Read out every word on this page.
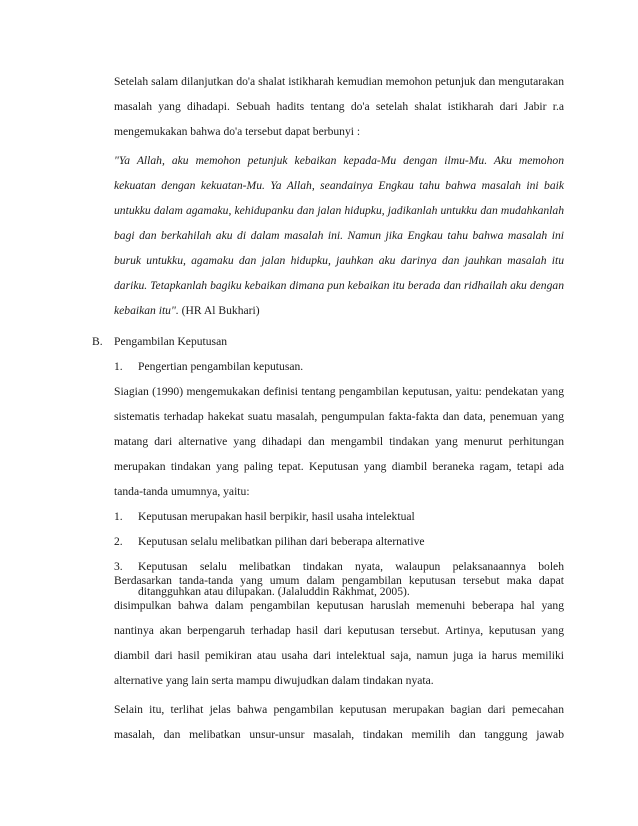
Setelah salam dilanjutkan do'a shalat istikharah kemudian memohon petunjuk dan mengutarakan masalah yang dihadapi. Sebuah hadits tentang do'a setelah shalat istikharah dari Jabir r.a mengemukakan bahwa do'a tersebut dapat berbunyi :

"Ya Allah, aku memohon petunjuk kebaikan kepada-Mu dengan ilmu-Mu. Aku memohon kekuatan dengan kekuatan-Mu. Ya Allah, seandainya Engkau tahu bahwa masalah ini baik untukku dalam agamaku, kehidupanku dan jalan hidupku, jadikanlah untukku dan mudahkanlah bagi dan berkahilah aku di dalam masalah ini. Namun jika Engkau tahu bahwa masalah ini buruk untukku, agamaku dan jalan hidupku, jauhkan aku darinya dan jauhkan masalah itu dariku. Tetapkanlah bagiku kebaikan dimana pun kebaikan itu berada dan ridhailah aku dengan kebaikan itu". (HR Al Bukhari)

B. Pengambilan Keputusan
1. Pengertian pengambilan keputusan.

Siagian (1990) mengemukakan definisi tentang pengambilan keputusan, yaitu: pendekatan yang sistematis terhadap hakekat suatu masalah, pengumpulan fakta-fakta dan data, penemuan yang matang dari alternative yang dihadapi dan mengambil tindakan yang menurut perhitungan merupakan tindakan yang paling tepat. Keputusan yang diambil beraneka ragam, tetapi ada tanda-tanda umumnya, yaitu:

1. Keputusan merupakan hasil berpikir, hasil usaha intelektual
2. Keputusan selalu melibatkan pilihan dari beberapa alternative
3. Keputusan selalu melibatkan tindakan nyata, walaupun pelaksanaannya boleh ditangguhkan atau dilupakan. (Jalaluddin Rakhmat, 2005).

Berdasarkan tanda-tanda yang umum dalam pengambilan keputusan tersebut maka dapat disimpulkan bahwa dalam pengambilan keputusan haruslah memenuhi beberapa hal yang nantinya akan berpengaruh terhadap hasil dari keputusan tersebut. Artinya, keputusan yang diambil dari hasil pemikiran atau usaha dari intelektual saja, namun juga ia harus memiliki alternative yang lain serta mampu diwujudkan dalam tindakan nyata.

Selain itu, terlihat jelas bahwa pengambilan keputusan merupakan bagian dari pemecahan masalah, dan melibatkan unsur-unsur masalah, tindakan memilih dan tanggung jawab
